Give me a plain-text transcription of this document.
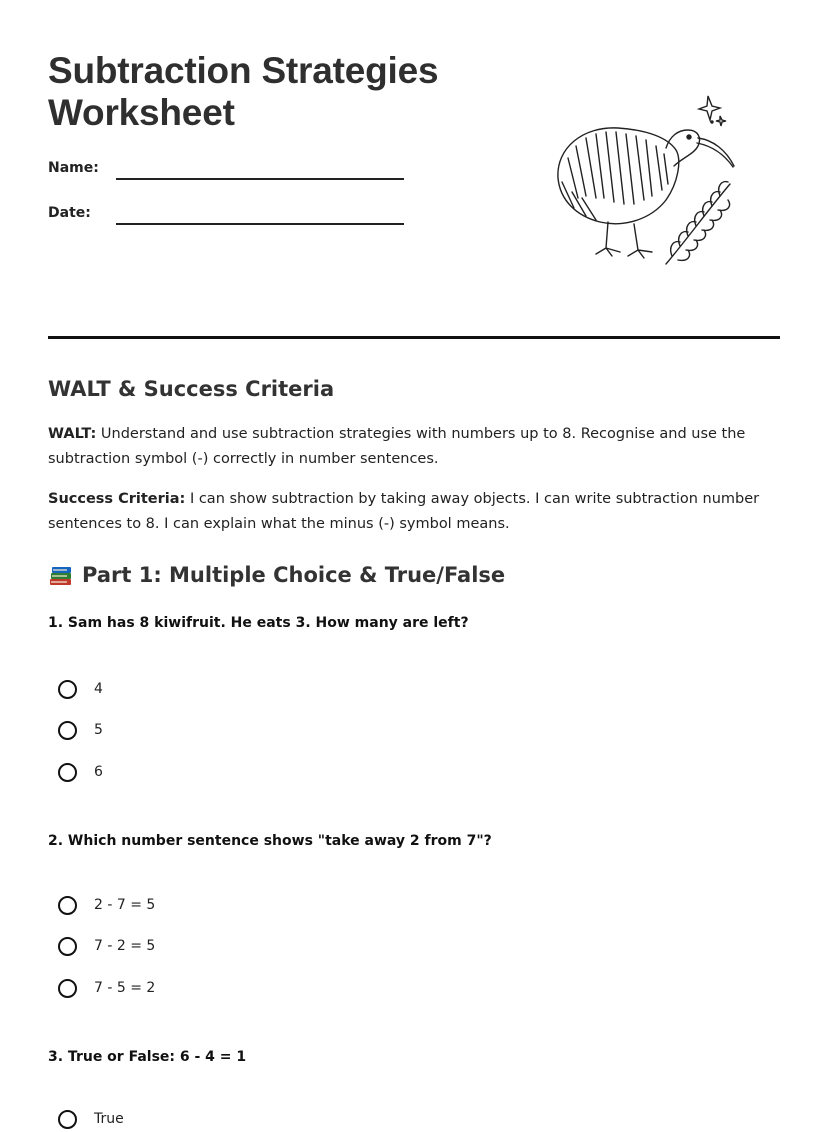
Subtraction Strategies
Worksheet
Name:
Date:
WALT & Success Criteria

WALT: Understand and use subtraction strategies with numbers up to 8. Recognise and use the subtraction symbol (-) correctly in number sentences.

Success Criteria: I can show subtraction by taking away objects. I can write subtraction number sentences to 8. I can explain what the minus (-) symbol means.

Part 1: Multiple Choice & True/False

1. Sam has 8 kiwifruit. He eats 3. How many are left?

4
5
6

2. Which number sentence shows "take away 2 from 7"?

2 - 7 = 5
7 - 2 = 5
7 - 5 = 2

3. True or False: 6 - 4 = 1

True
